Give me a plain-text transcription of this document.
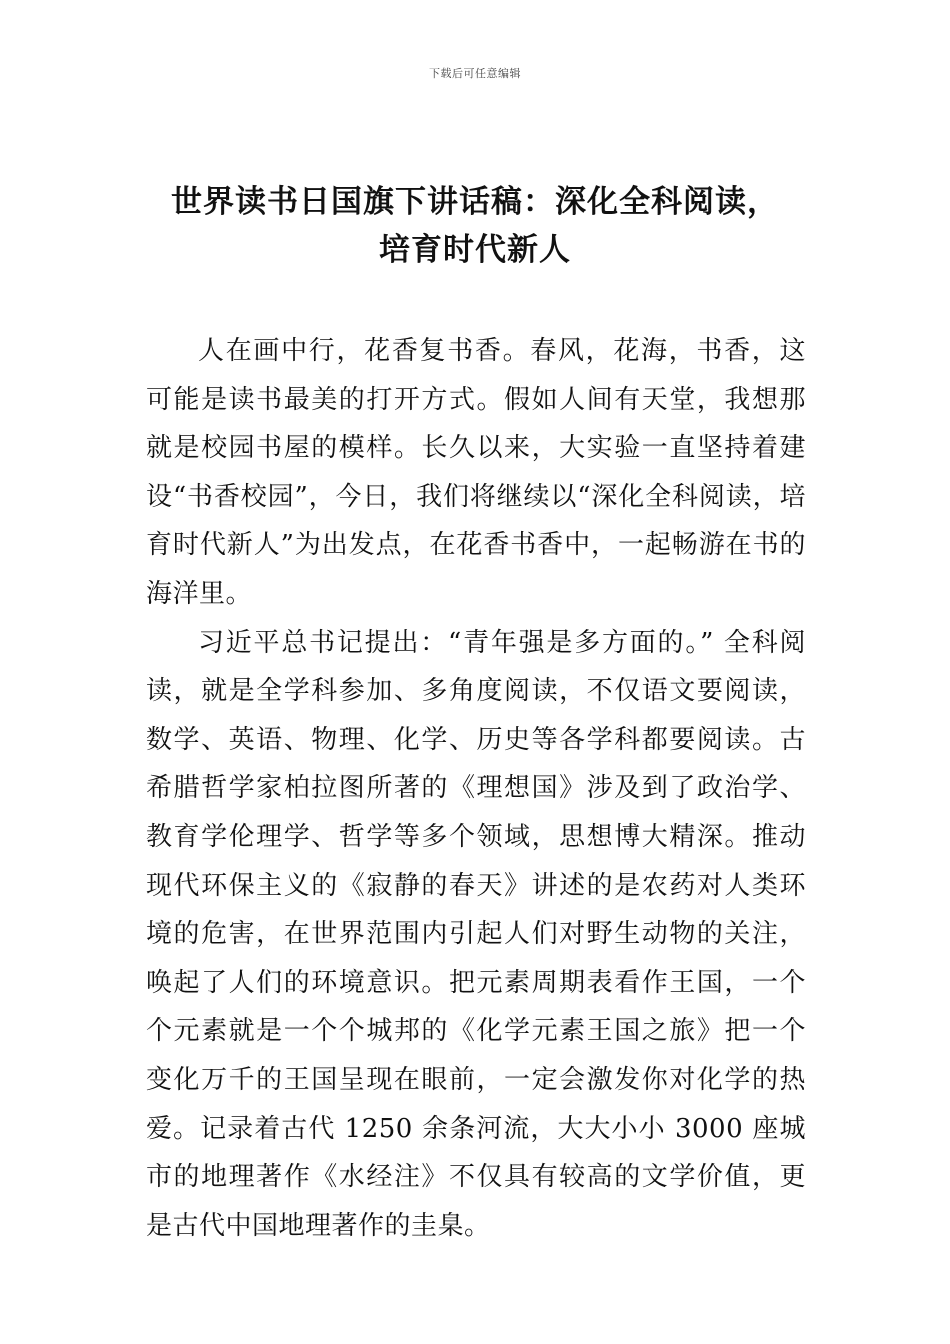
下载后可任意编辑
世界读书日国旗下讲话稿：深化全科阅读，
培育时代新人

人在画中行，花香复书香。春风，花海，书香，这可能是读书最美的打开方式。假如人间有天堂，我想那就是校园书屋的模样。长久以来，大实验一直坚持着建设“书香校园”，今日，我们将继续以“深化全科阅读，培育时代新人”为出发点，在花香书香中，一起畅游在书的海洋里。

习近平总书记提出：“青年强是多方面的。” 全科阅读，就是全学科参加、多角度阅读，不仅语文要阅读，数学、英语、物理、化学、历史等各学科都要阅读。古希腊哲学家柏拉图所著的《理想国》涉及到了政治学、教育学伦理学、哲学等多个领域，思想博大精深。推动现代环保主义的《寂静的春天》讲述的是农药对人类环境的危害，在世界范围内引起人们对野生动物的关注，唤起了人们的环境意识。把元素周期表看作王国，一个个元素就是一个个城邦的《化学元素王国之旅》把一个变化万千的王国呈现在眼前，一定会激发你对化学的热爱。记录着古代 1250 余条河流，大大小小 3000 座城市的地理著作《水经注》不仅具有较高的文学价值，更是古代中国地理著作的圭臬。
